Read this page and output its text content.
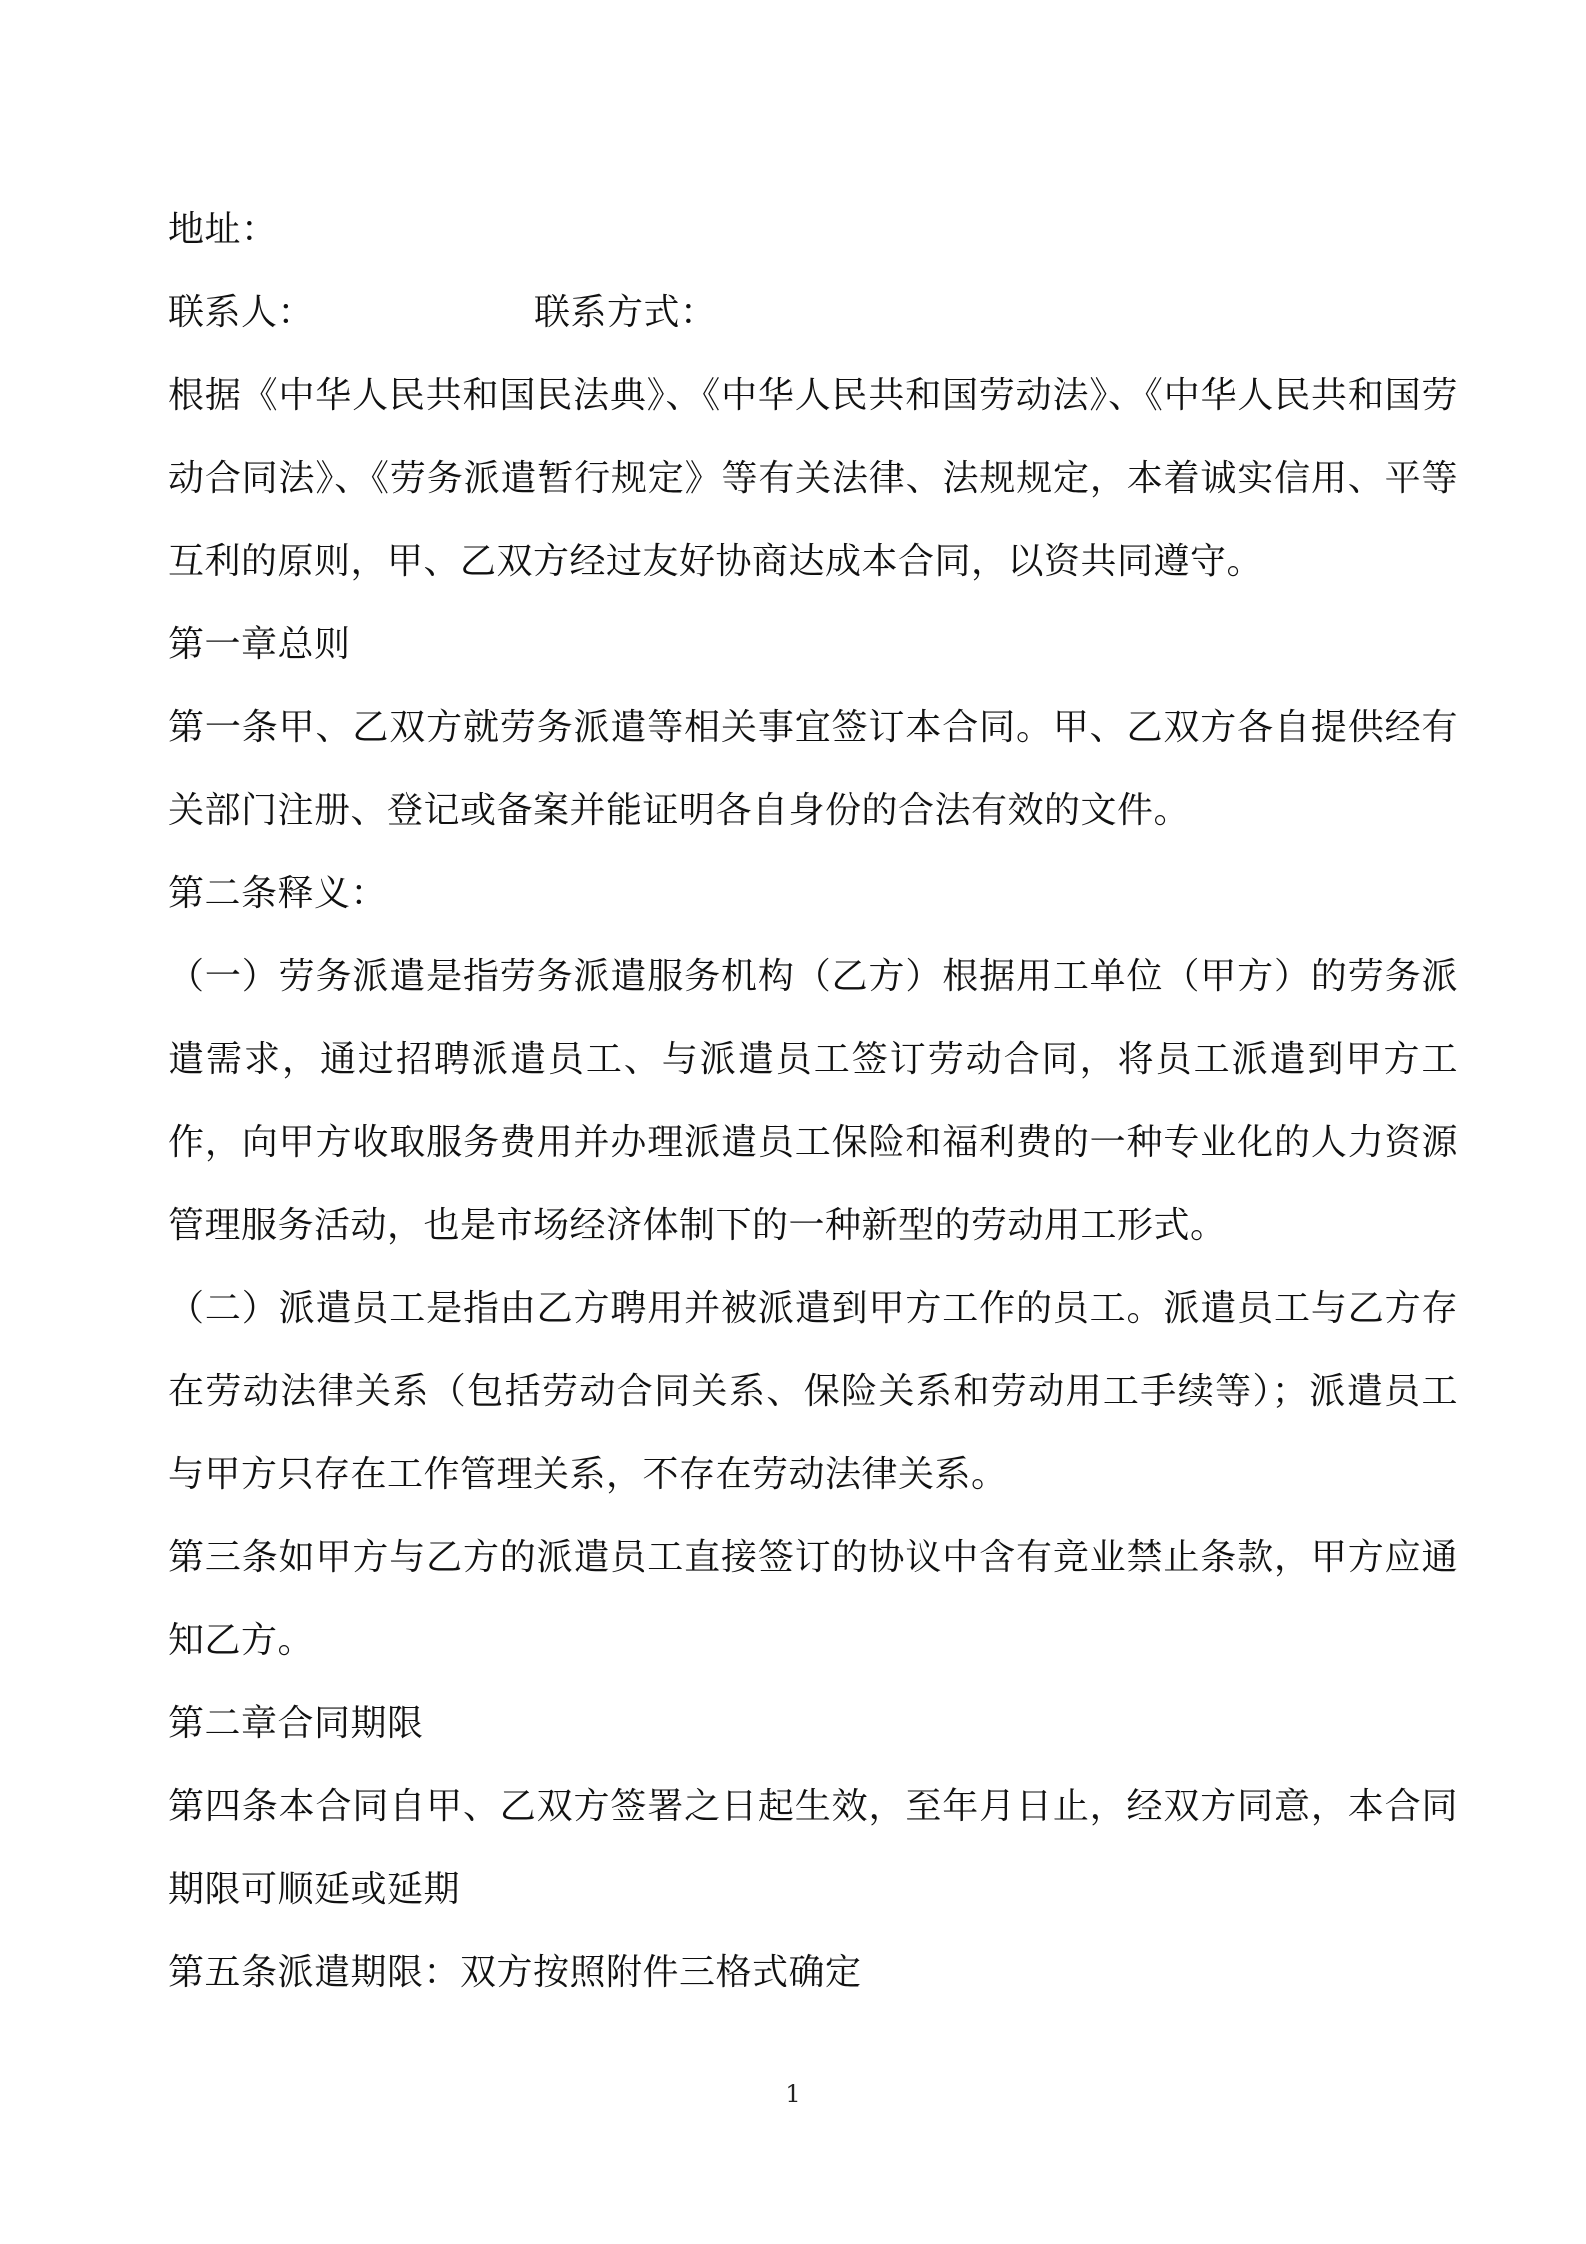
地址：
联系人：	联系方式：
根据《中华人民共和国民法典》、《中华人民共和国劳动法》、《中华人民共和国劳动合同法》、《劳务派遣暂行规定》等有关法律、法规规定，本着诚实信用、平等互利的原则，甲、乙双方经过友好协商达成本合同，以资共同遵守。
第一章总则
第一条甲、乙双方就劳务派遣等相关事宜签订本合同。甲、乙双方各自提供经有关部门注册、登记或备案并能证明各自身份的合法有效的文件。
第二条释义：
（一）劳务派遣是指劳务派遣服务机构（乙方）根据用工单位（甲方）的劳务派遣需求，通过招聘派遣员工、与派遣员工签订劳动合同，将员工派遣到甲方工作，向甲方收取服务费用并办理派遣员工保险和福利费的一种专业化的人力资源管理服务活动，也是市场经济体制下的一种新型的劳动用工形式。
（二）派遣员工是指由乙方聘用并被派遣到甲方工作的员工。派遣员工与乙方存在劳动法律关系（包括劳动合同关系、保险关系和劳动用工手续等）；派遣员工与甲方只存在工作管理关系，不存在劳动法律关系。
第三条如甲方与乙方的派遣员工直接签订的协议中含有竞业禁止条款，甲方应通知乙方。
第二章合同期限
第四条本合同自甲、乙双方签署之日起生效，至年月日止，经双方同意，本合同期限可顺延或延期
第五条派遣期限：双方按照附件三格式确定
1
